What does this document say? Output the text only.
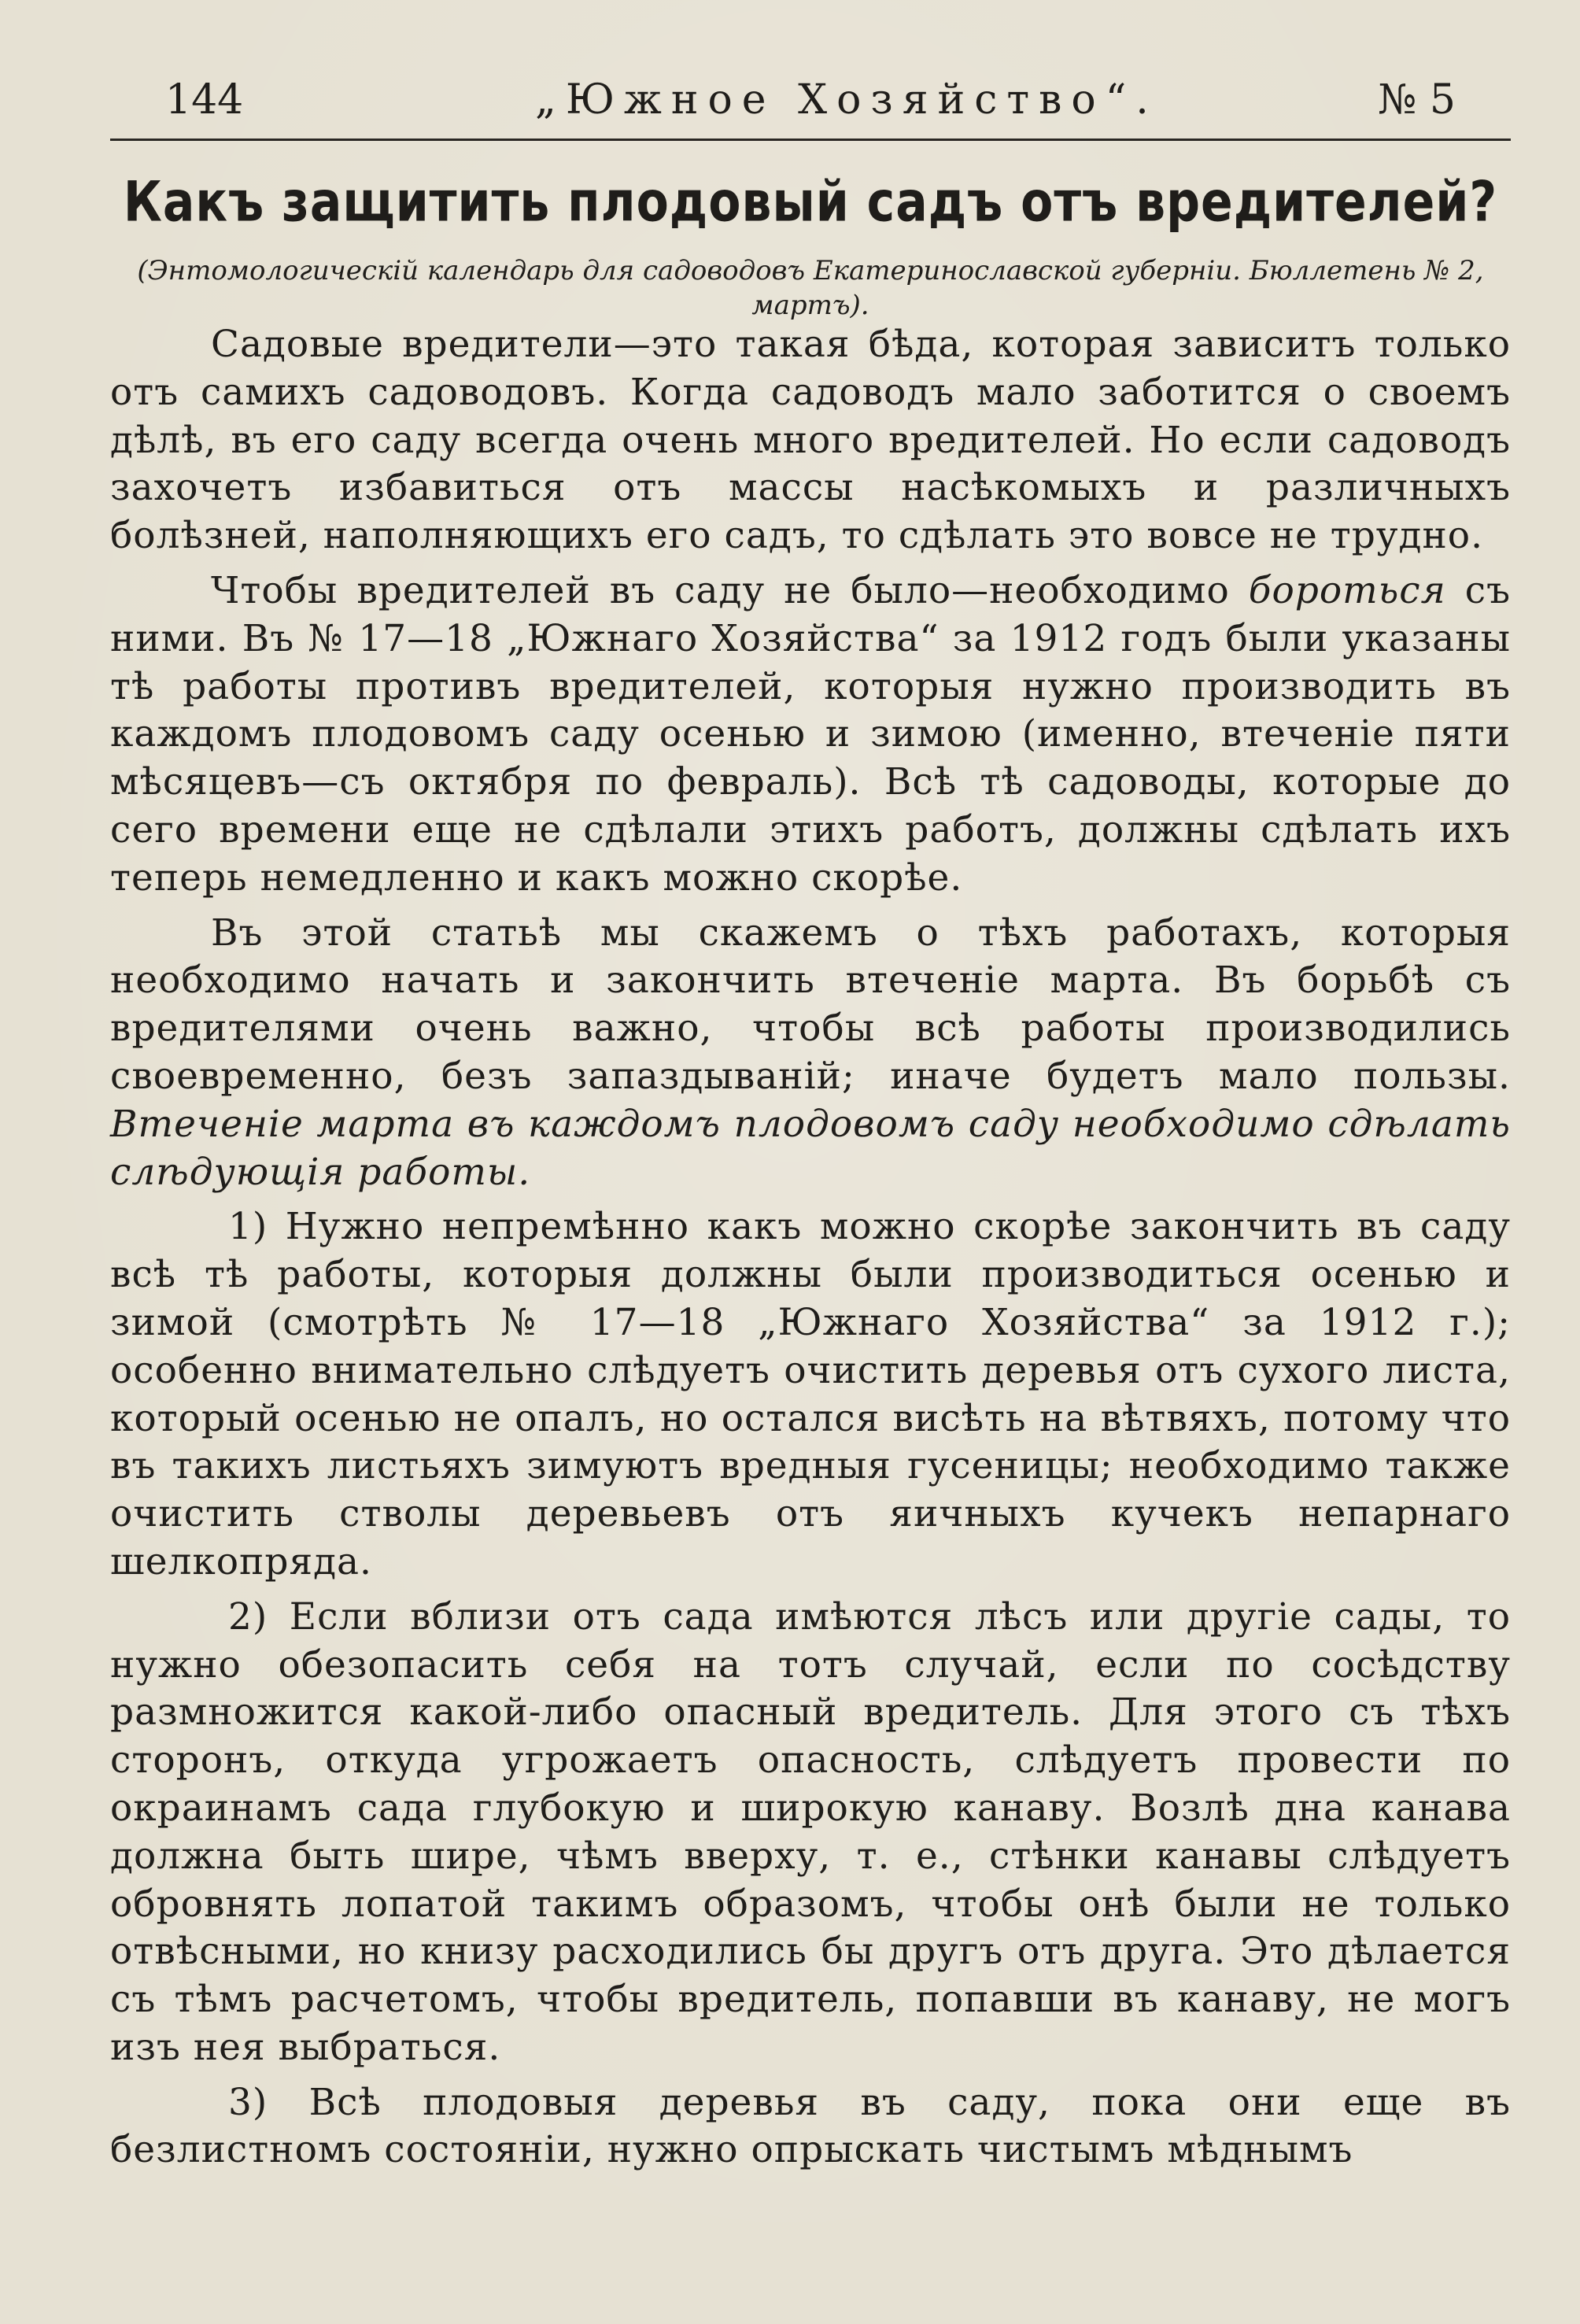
144	„Южное Хозяйство“.	№ 5
Какъ защитить плодовый садъ отъ вредителей?
(Энтомологическій календарь для садоводовъ Екатеринославской губерніи. Бюллетень № 2, мартъ).

Садовые вредители—это такая бѣда, которая зависитъ только отъ самихъ садоводовъ. Когда садоводъ мало заботится о своемъ дѣлѣ, въ его саду всегда очень много вредителей. Но если садоводъ захочетъ избавиться отъ массы насѣкомыхъ и различныхъ болѣзней, наполняющихъ его садъ, то сдѣлать это вовсе не трудно.

Чтобы вредителей въ саду не было—необходимо бороться съ ними. Въ № 17—18 „Южнаго Хозяйства“ за 1912 годъ были указаны тѣ работы противъ вредителей, которыя нужно производить въ каждомъ плодовомъ саду осенью и зимою (именно, втеченіе пяти мѣсяцевъ—съ октября по февраль). Всѣ тѣ садоводы, которые до сего времени еще не сдѣлали этихъ работъ, должны сдѣлать ихъ теперь немедленно и какъ можно скорѣе.

Въ этой статьѣ мы скажемъ о тѣхъ работахъ, которыя необходимо начать и закончить втеченіе марта. Въ борьбѣ съ вредителями очень важно, чтобы всѣ работы производились своевременно, безъ запаздываній; иначе будетъ мало пользы. Втеченіе марта въ каждомъ плодовомъ саду необходимо сдѣлать слѣдующія работы.

1) Нужно непремѣнно какъ можно скорѣе закончить въ саду всѣ тѣ работы, которыя должны были производиться осенью и зимой (смотрѣть № 17—18 „Южнаго Хозяйства“ за 1912 г.); особенно внимательно слѣдуетъ очистить деревья отъ сухого листа, который осенью не опалъ, но остался висѣть на вѣтвяхъ, потому что въ такихъ листьяхъ зимуютъ вредныя гусеницы; необходимо также очистить стволы деревьевъ отъ яичныхъ кучекъ непарнаго шелкопряда.

2) Если вблизи отъ сада имѣются лѣсъ или другіе сады, то нужно обезопасить себя на тотъ случай, если по сосѣдству размножится какой-либо опасный вредитель. Для этого съ тѣхъ сторонъ, откуда угрожаетъ опасность, слѣдуетъ провести по окраинамъ сада глубокую и широкую канаву. Возлѣ дна канава должна быть шире, чѣмъ вверху, т. е., стѣнки канавы слѣдуетъ обровнять лопатой такимъ образомъ, чтобы онѣ были не только отвѣсными, но книзу расходились бы другъ отъ друга. Это дѣлается съ тѣмъ расчетомъ, чтобы вредитель, попавши въ канаву, не могъ изъ нея выбраться.

3) Всѣ плодовыя деревья въ саду, пока они еще въ безлистномъ состояніи, нужно опрыскать чистымъ мѣднымъ
